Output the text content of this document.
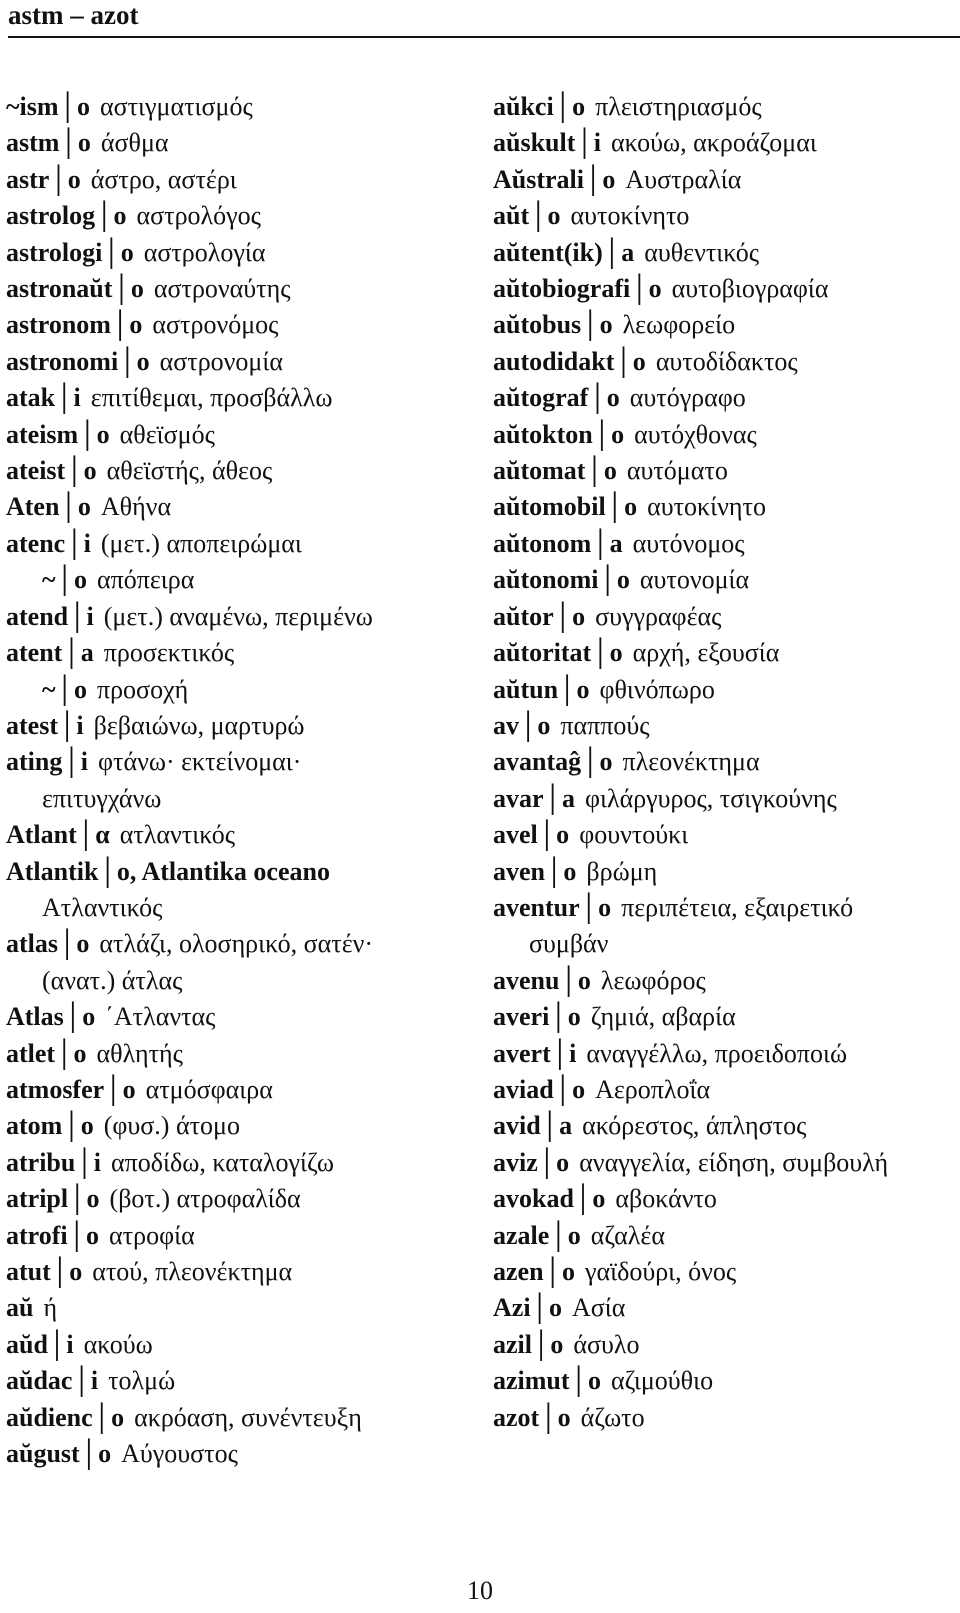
astm – azot
~ism│o αστιγματισμός
astm│o άσθμα
astr│o άστρο, αστέρι
astrolog│o αστρολόγος
astrologi│o αστρολογία
astronaŭt│o αστροναύτης
astronom│o αστρονόμος
astronomi│o αστρονομία
atak│i επιτίθεμαι, προσβάλλω
ateism│o αθεϊσμός
ateist│o αθεϊστής, άθεος
Aten│o Αθήνα
atenc│i (μετ.) αποπειρώμαι
~│o απόπειρα
atend│i (μετ.) αναμένω, περιμένω
atent│a προσεκτικός
~│o προσοχή
atest│i βεβαιώνω, μαρτυρώ
ating│i φτάνω· εκτείνομαι·
επιτυγχάνω
Atlant│α ατλαντικός
Atlantik│o, Atlantika oceano
Ατλαντικός
atlas│o ατλάζι, ολοσηρικό, σατέν·
(ανατ.) άτλας
Atlas│o ΄Ατλαντας
atlet│o αθλητής
atmosfer│o ατμόσφαιρα
atom│o (φυσ.) άτομο
atribu│i αποδίδω, καταλογίζω
atripl│o (βοτ.) ατροφαλίδα
atrofi│o ατροφία
atut│o ατού, πλεονέκτημα
aŭ ή
aŭd│i ακούω
aŭdac│i τολμώ
aŭdienc│o ακρόαση, συνέντευξη
aŭgust│o Αύγουστος
aŭkci│o πλειστηριασμός
aŭskult│i ακούω, ακροάζομαι
Aŭstrali│o Αυστραλία
aŭt│o αυτοκίνητο
aŭtent(ik)│a αυθεντικός
aŭtobiografi│o αυτοβιογραφία
aŭtobus│o λεωφορείο
autodidakt│o αυτοδίδακτος
aŭtograf│o αυτόγραφο
aŭtokton│o αυτόχθονας
aŭtomat│o αυτόματο
aŭtomobil│o αυτοκίνητο
aŭtonom│a αυτόνομος
aŭtonomi│o αυτονομία
aŭtor│o συγγραφέας
aŭtoritat│o αρχή, εξουσία
aŭtun│o φθινόπωρο
av│o παππούς
avantaĝ│o πλεονέκτημα
avar│a φιλάργυρος, τσιγκούνης
avel│o φουντούκι
aven│o βρώμη
aventur│o περιπέτεια, εξαιρετικό
συμβάν
avenu│o λεωφόρος
averi│o ζημιά, αβαρία
avert│i αναγγέλλω, προειδοποιώ
aviad│o Αεροπλοΐα
avid│a ακόρεστος, άπληστος
aviz│o αναγγελία, είδηση, συμβουλή
avokad│o αβοκάντο
azale│o αζαλέα
azen│o γαϊδούρι, όνος
Azi│o Ασία
azil│o άσυλο
azimut│o αζιμούθιο
azot│o άζωτο
10
